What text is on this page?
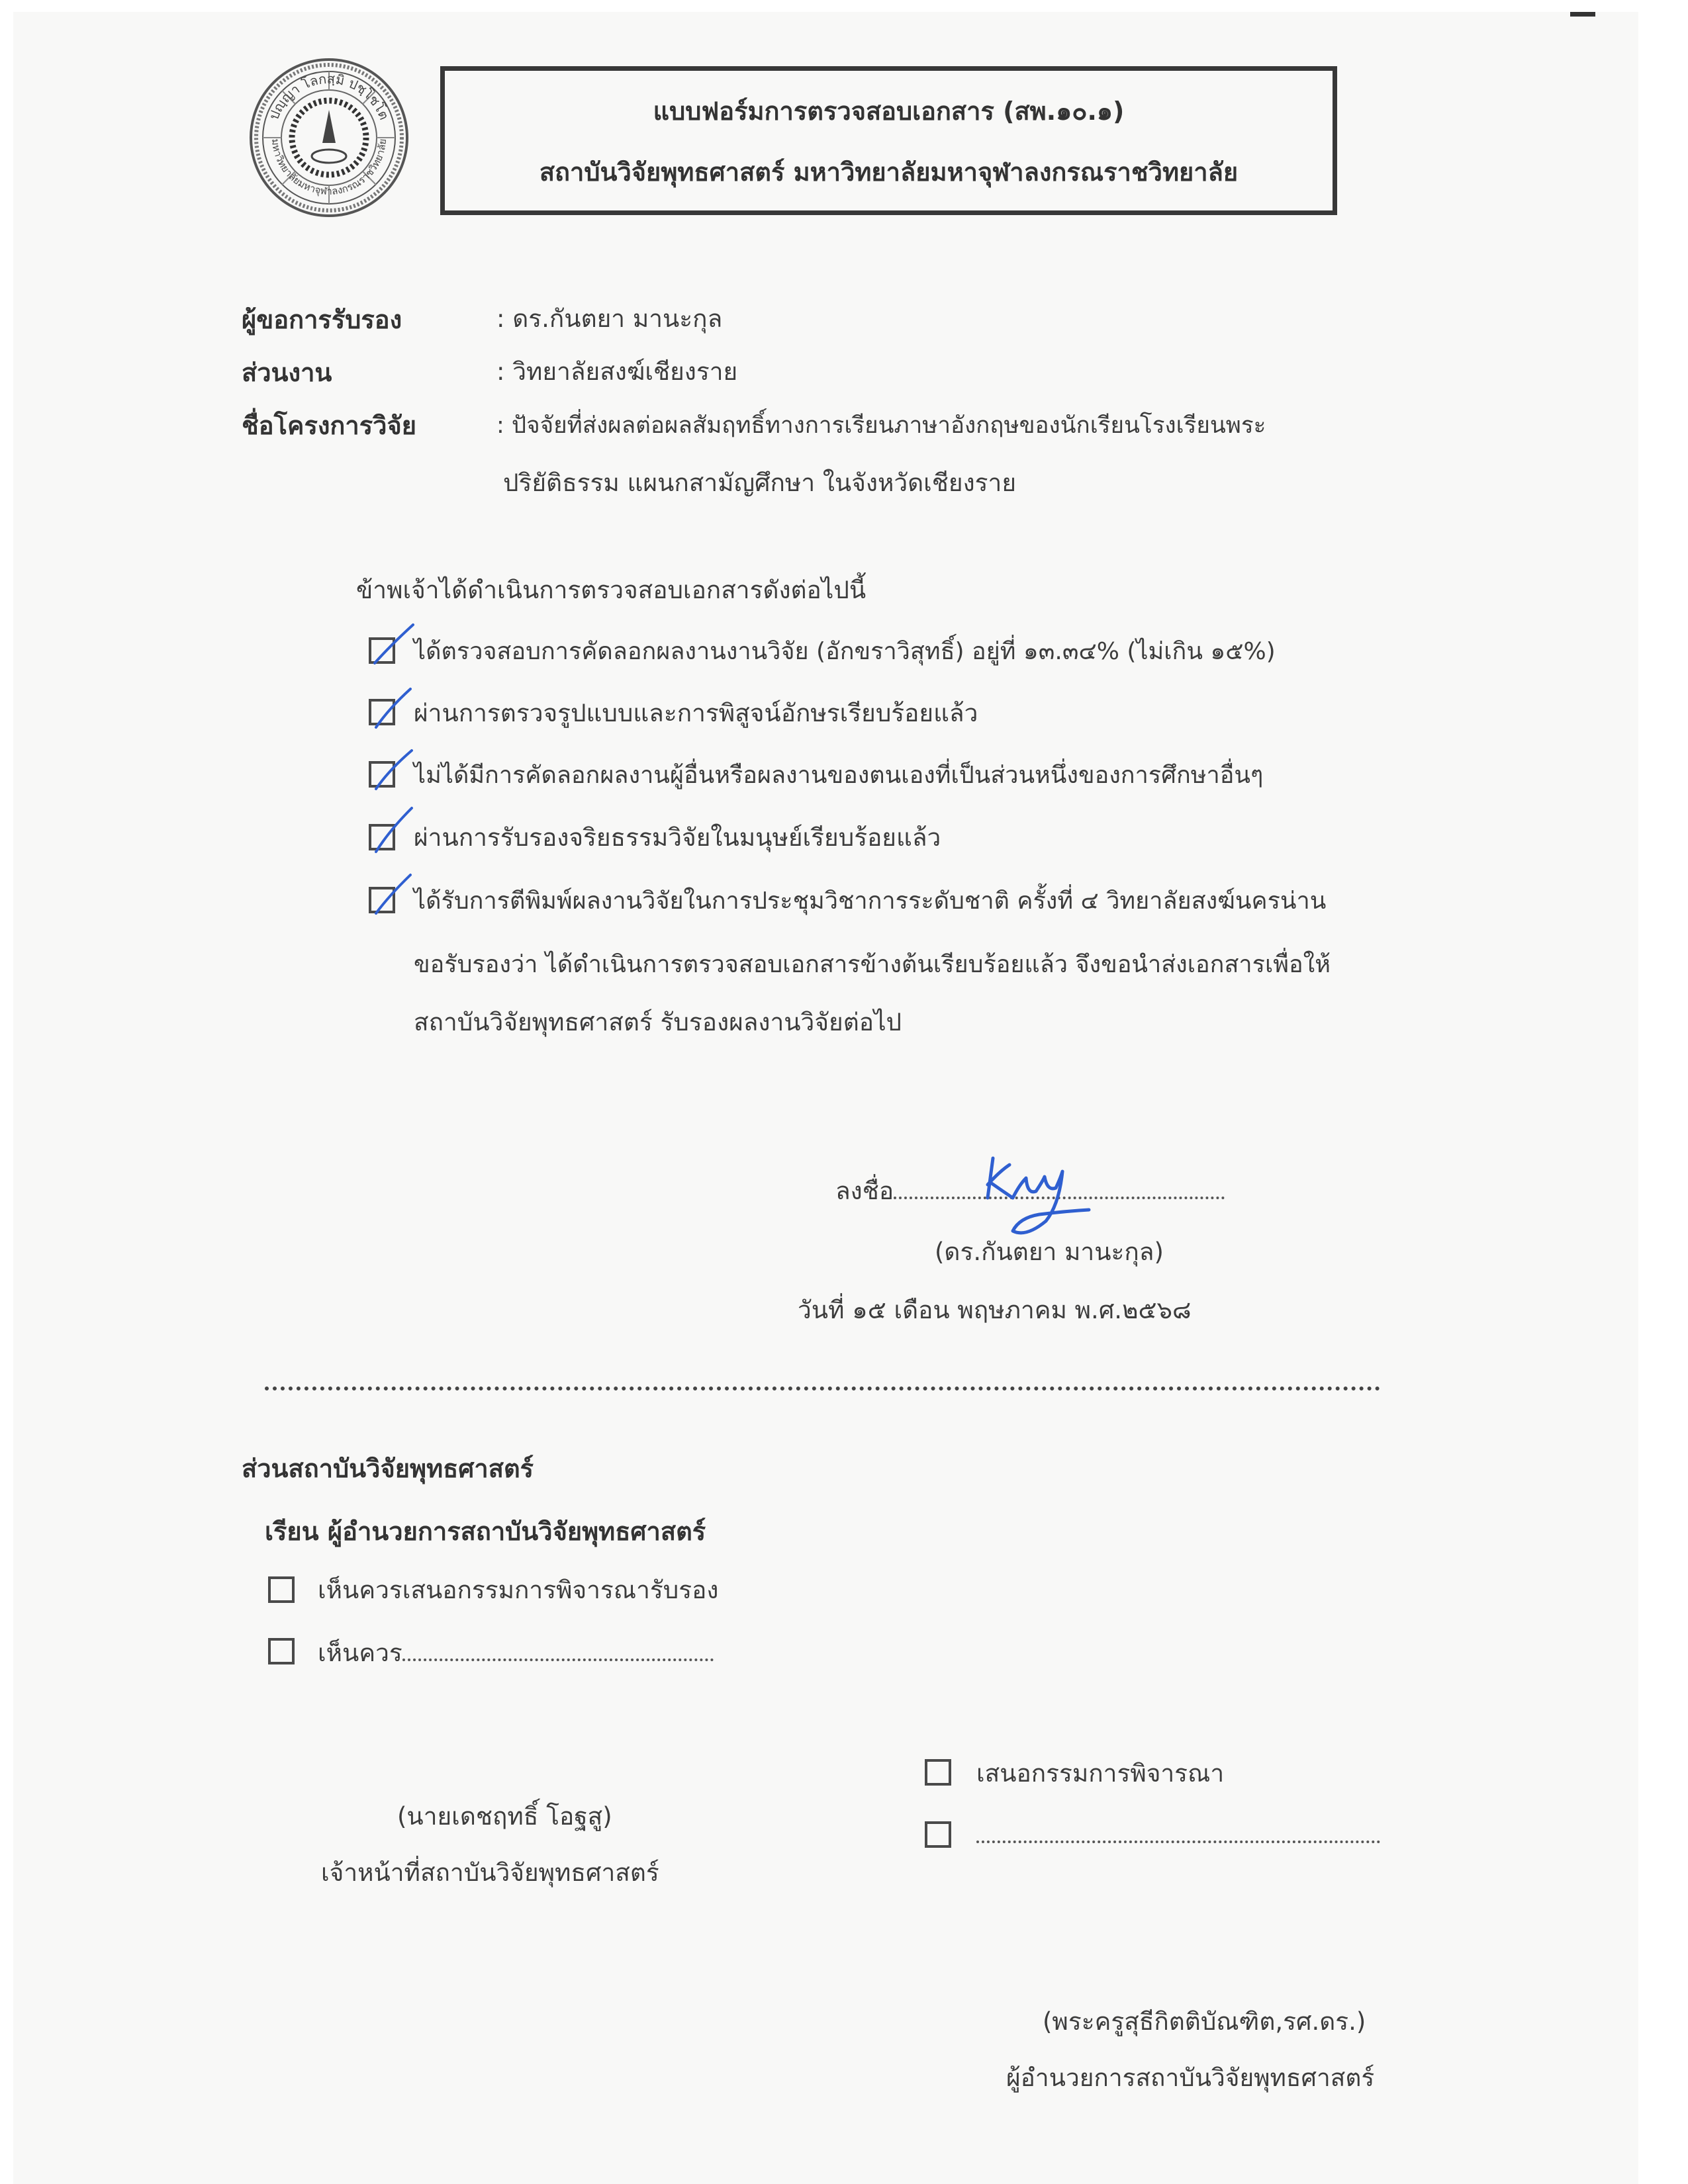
ปญฺญา โลกสฺมิ ปชฺโชโต
มหาวิทยาลัยมหาจุฬาลงกรณราชวิทยาลัย
แบบฟอร์มการตรวจสอบเอกสาร (สพ.๑๐.๑)
สถาบันวิจัยพุทธศาสตร์ มหาวิทยาลัยมหาจุฬาลงกรณราชวิทยาลัย
ผู้ขอการรับรอง	: ดร.กันตยา มานะกุล
ส่วนงาน	: วิทยาลัยสงฆ์เชียงราย
ชื่อโครงการวิจัย	: ปัจจัยที่ส่งผลต่อผลสัมฤทธิ์ทางการเรียนภาษาอังกฤษของนักเรียนโรงเรียนพระ
ปริยัติธรรม แผนกสามัญศึกษา ในจังหวัดเชียงราย
ข้าพเจ้าได้ดำเนินการตรวจสอบเอกสารดังต่อไปนี้
ได้ตรวจสอบการคัดลอกผลงานงานวิจัย (อักขราวิสุทธิ์) อยู่ที่ ๑๓.๓๔% (ไม่เกิน ๑๕%)
ผ่านการตรวจรูปแบบและการพิสูจน์อักษรเรียบร้อยแล้ว
ไม่ได้มีการคัดลอกผลงานผู้อื่นหรือผลงานของตนเองที่เป็นส่วนหนึ่งของการศึกษาอื่นๆ
ผ่านการรับรองจริยธรรมวิจัยในมนุษย์เรียบร้อยแล้ว
ได้รับการตีพิมพ์ผลงานวิจัยในการประชุมวิชาการระดับชาติ ครั้งที่ ๔ วิทยาลัยสงฆ์นครน่าน
ขอรับรองว่า ได้ดำเนินการตรวจสอบเอกสารข้างต้นเรียบร้อยแล้ว จึงขอนำส่งเอกสารเพื่อให้
สถาบันวิจัยพุทธศาสตร์ รับรองผลงานวิจัยต่อไป
ลงชื่อ
(ดร.กันตยา มานะกุล)
วันที่ ๑๕ เดือน พฤษภาคม พ.ศ.๒๕๖๘
ส่วนสถาบันวิจัยพุทธศาสตร์
เรียน ผู้อำนวยการสถาบันวิจัยพุทธศาสตร์
เห็นควรเสนอกรรมการพิจารณารับรอง
เห็นควร
(นายเดชฤทธิ์ โอฐสู)
เจ้าหน้าที่สถาบันวิจัยพุทธศาสตร์
เสนอกรรมการพิจารณา
(พระครูสุธีกิตติบัณฑิต,รศ.ดร.)
ผู้อำนวยการสถาบันวิจัยพุทธศาสตร์
